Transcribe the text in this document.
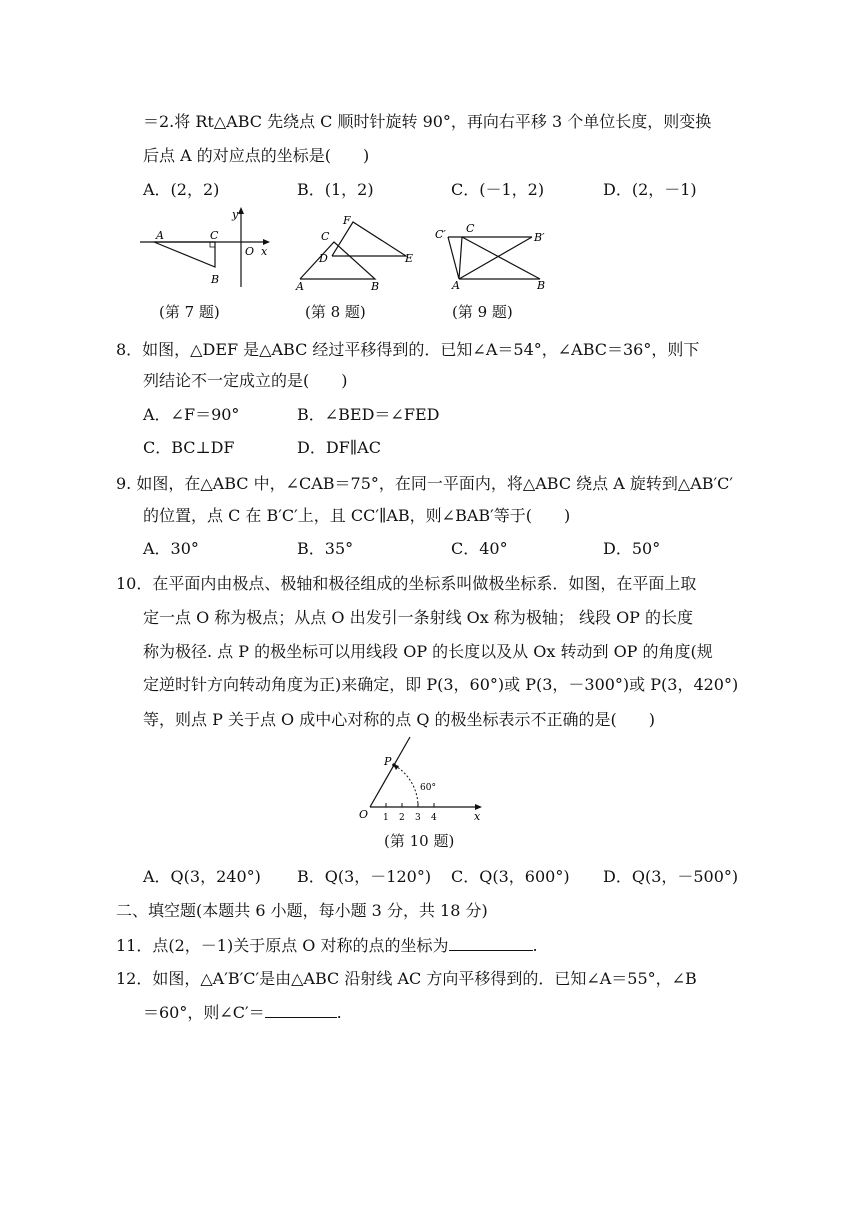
＝2.将 Rt△ABC 先绕点 C 顺时针旋转 90°，再向右平移 3 个单位长度，则变换
后点 A 的对应点的坐标是(　　)
A．(2，2)	B．(1，2)	C．(－1，2)	D．(2，－1)
A	C
y
O x
B
(第 7 题)
F
C
D	E
A	B
(第 8 题)
C′ C
B′
A	B
(第 9 题)
8．如图，△DEF 是△ABC 经过平移得到的．已知∠A＝54°，∠ABC＝36°，则下
列结论不一定成立的是(　　)
A．∠F＝90°	B．∠BED＝∠FED
C．BC⊥DF	D．DF∥AC
9. 如图，在△ABC 中，∠CAB＝75°，在同一平面内，将△ABC 绕点 A 旋转到△AB′C′
的位置，点 C 在 B′C′上，且 CC′∥AB，则∠BAB′等于(　　)
A．30°	B．35°	C．40°	D．50°
10．在平面内由极点、极轴和极径组成的坐标系叫做极坐标系．如图，在平面上取
定一点 O 称为极点；从点 O 出发引一条射线 Ox 称为极轴； 线段 OP 的长度
称为极径. 点 P 的极坐标可以用线段 OP 的长度以及从 Ox 转动到 OP 的角度(规
定逆时针方向转动角度为正)来确定，即 P(3，60°)或 P(3，－300°)或 P(3，420°)
等，则点 P 关于点 O 成中心对称的点 Q 的极坐标表示不正确的是(　　)
P
60°
O 1 2 3 4	x
(第 10 题)
A．Q(3，240°) B．Q(3，－120°) C．Q(3，600°) D．Q(3，－500°)
二、填空题(本题共 6 小题，每小题 3 分，共 18 分)
11．点(2，－1)关于原点 O 对称的点的坐标为	.
12．如图，△A′B′C′是由△ABC 沿射线 AC 方向平移得到的．已知∠A＝55°，∠B
＝60°，则∠C′＝	.
